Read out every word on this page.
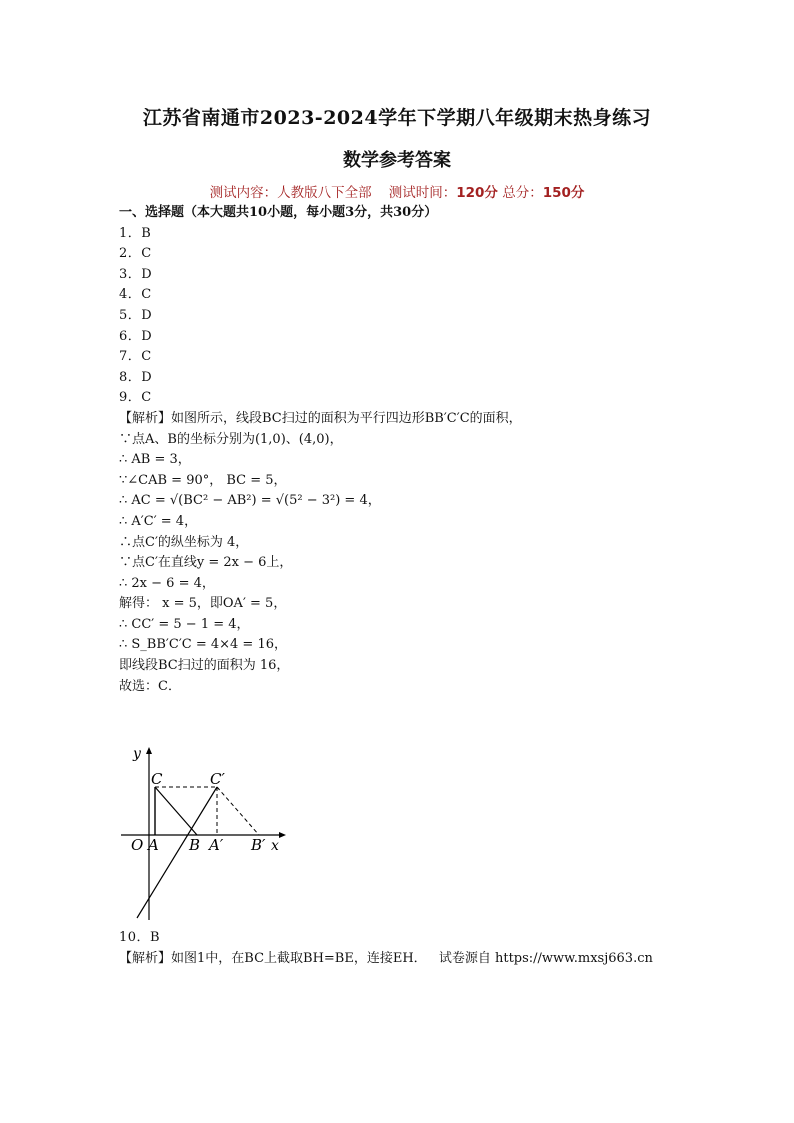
江苏省南通市2023-2024学年下学期八年级期末热身练习
数学参考答案
测试内容：人教版八下全部 测试时间：120分 总分：150分
一、选择题（本大题共10小题，每小题3分，共30分）
1．B
2．C
3．D
4．C
5．D
6．D
7．C
8．D
9．C
【解析】如图所示，线段BC扫过的面积为平行四边形BB′C′C的面积，
∵点A、B的坐标分别为(1,0)、(4,0)，
∴ AB = 3，
∵∠CAB = 90°， BC = 5，
∴ AC = √(BC² − AB²) = √(5² − 3²) = 4，
∴ A′C′ = 4，
∴点C′的纵坐标为 4，
∵点C′在直线y = 2x − 6上，
∴ 2x − 6 = 4，
解得： x = 5，即OA′ = 5，
∴ CC′ = 5 − 1 = 4，
∴ S_BB′C′C = 4×4 = 16，
即线段BC扫过的面积为 16，
故选：C．
y
C	C′
O A B A′ B′ x
10．B
【解析】如图1中，在BC上截取BH=BE，连接EH． 试卷源自 https://www.mxsj663.cn
